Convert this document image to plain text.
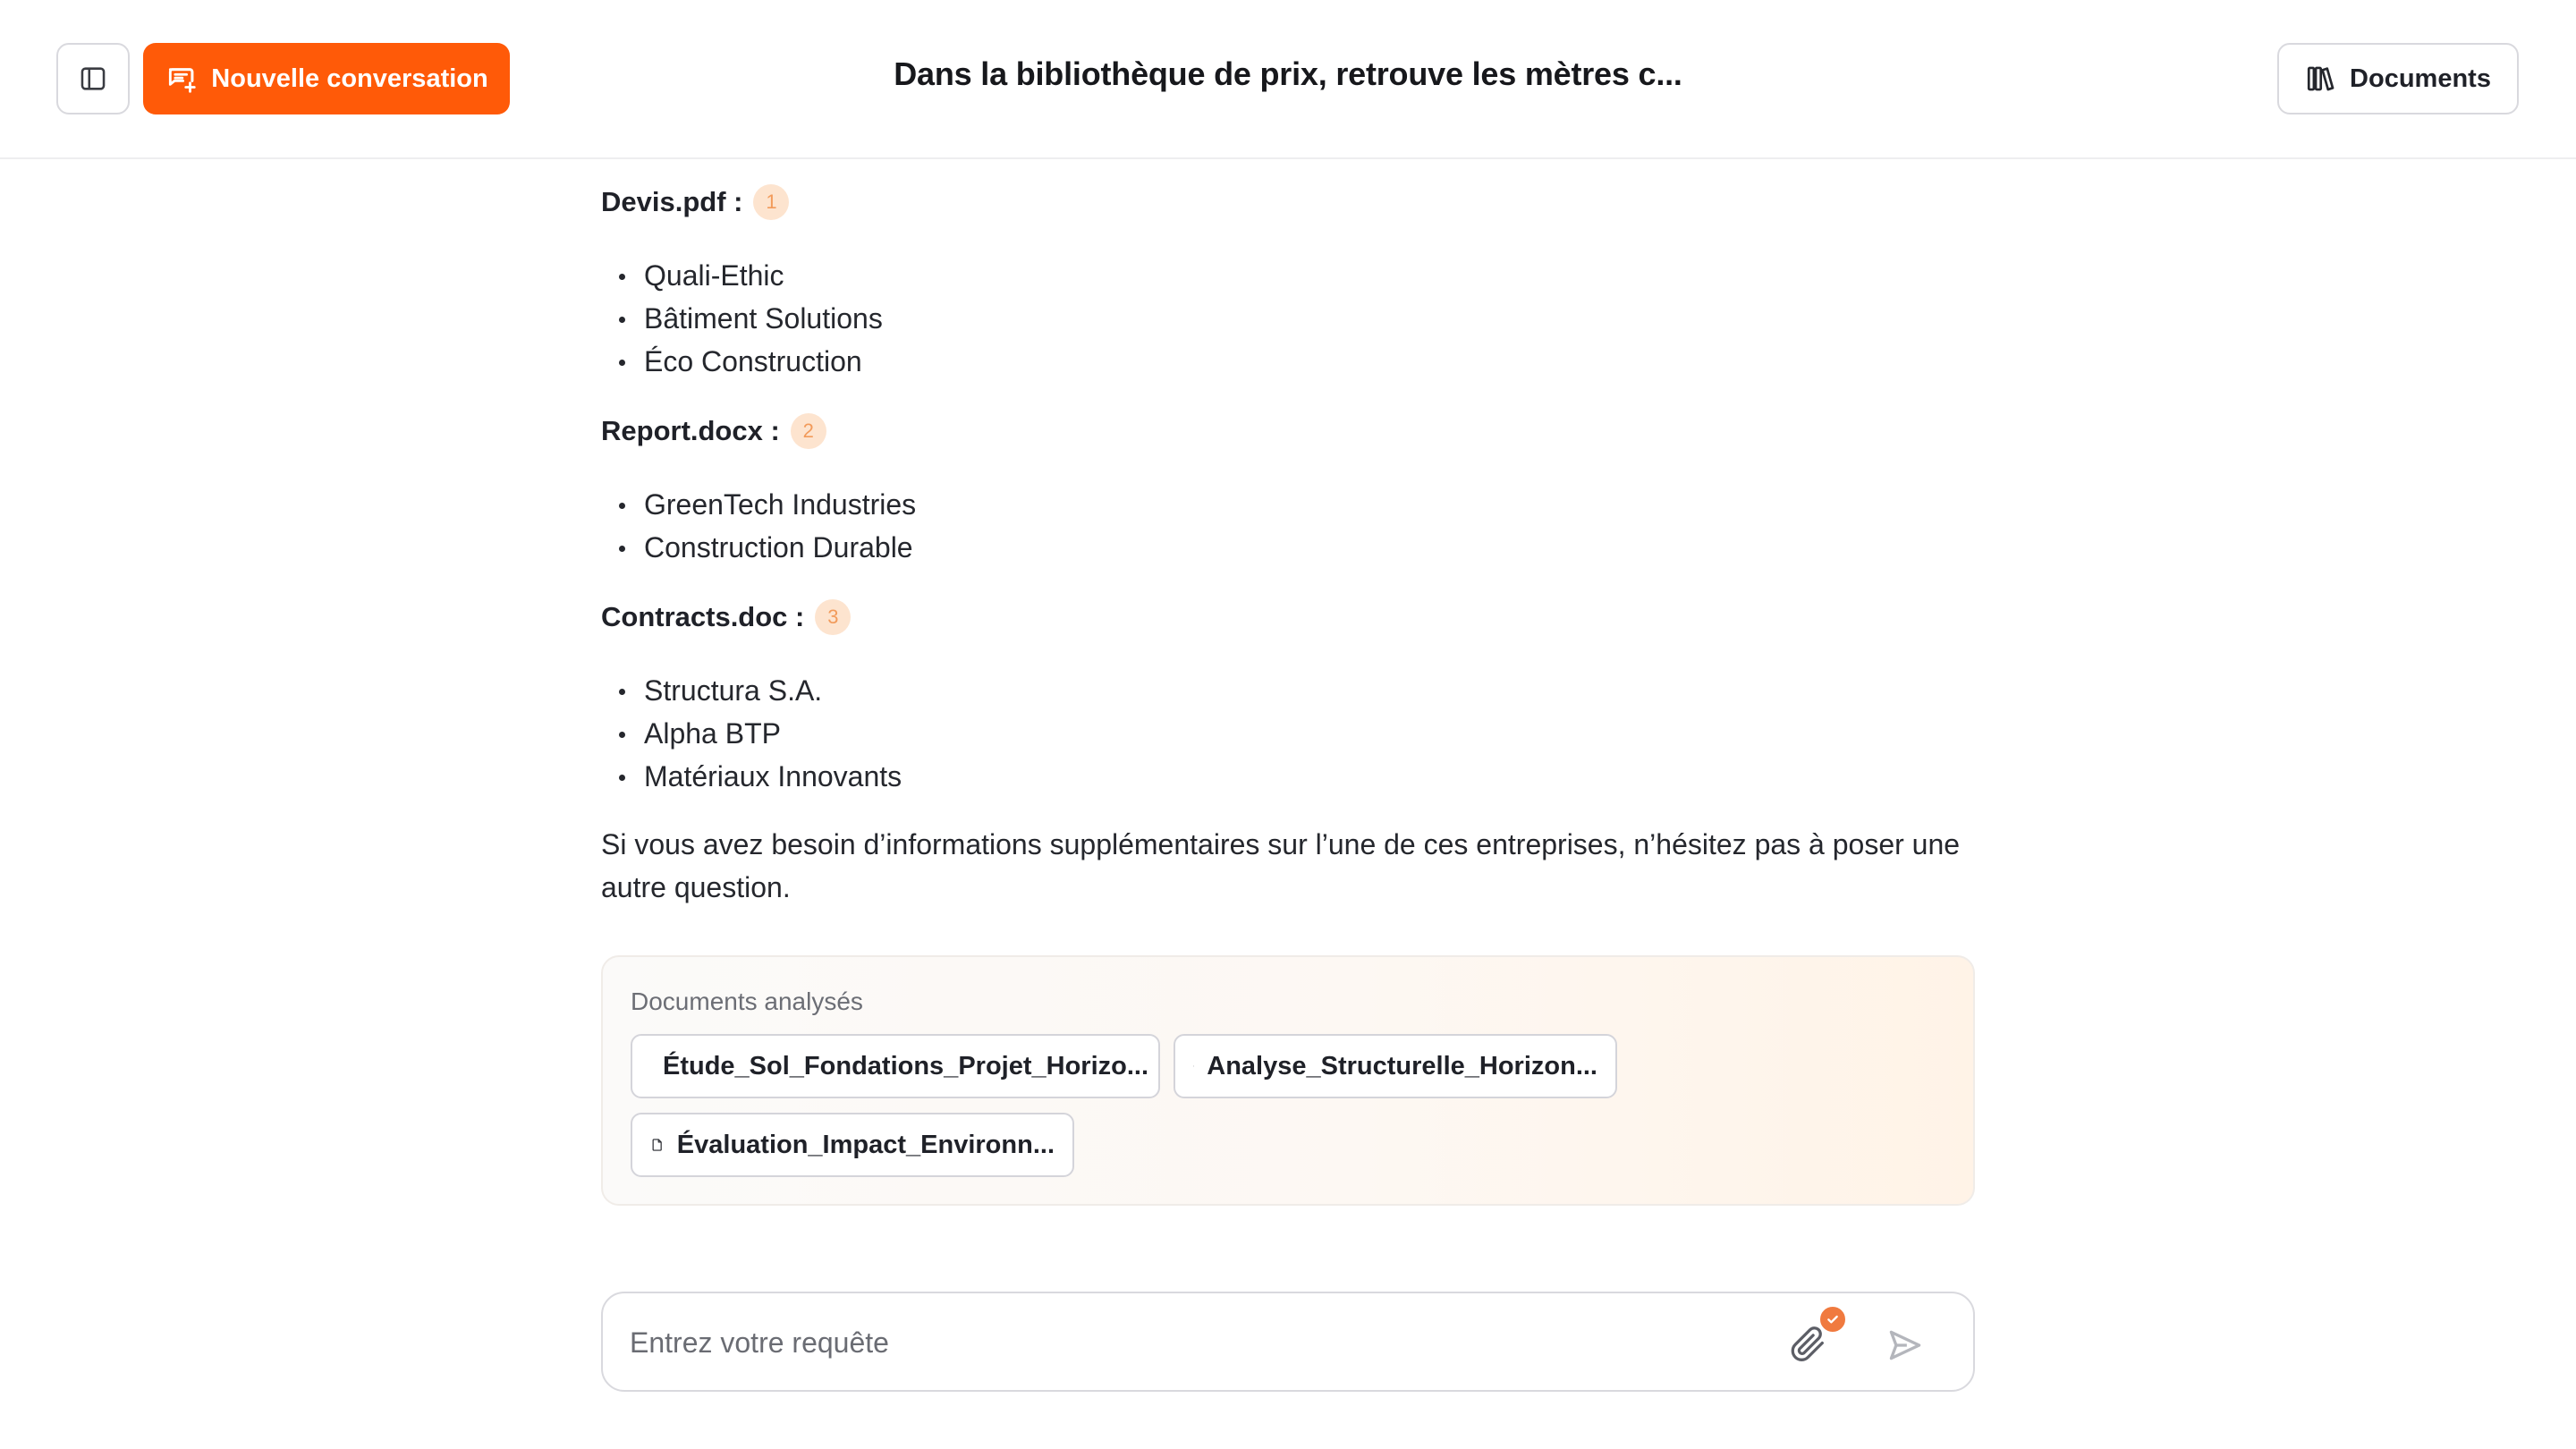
Nouvelle conversation	Dans la bibliothèque de prix, retrouve les mètres c...	Documents
Devis.pdf :	1
Quali-Ethic
Bâtiment Solutions
Éco Construction
Report.docx :	2
GreenTech Industries
Construction Durable
Contracts.doc :	3
Structura S.A.
Alpha BTP
Matériaux Innovants

Si vous avez besoin d’informations supplémentaires sur l’une de ces entreprises, n’hésitez pas à poser une autre question.

Documents analysés
Étude_Sol_Fondations_Projet_Horizo... Analyse_Structurelle_Horizon...
Évaluation_Impact_Environn...
Entrez votre requête
